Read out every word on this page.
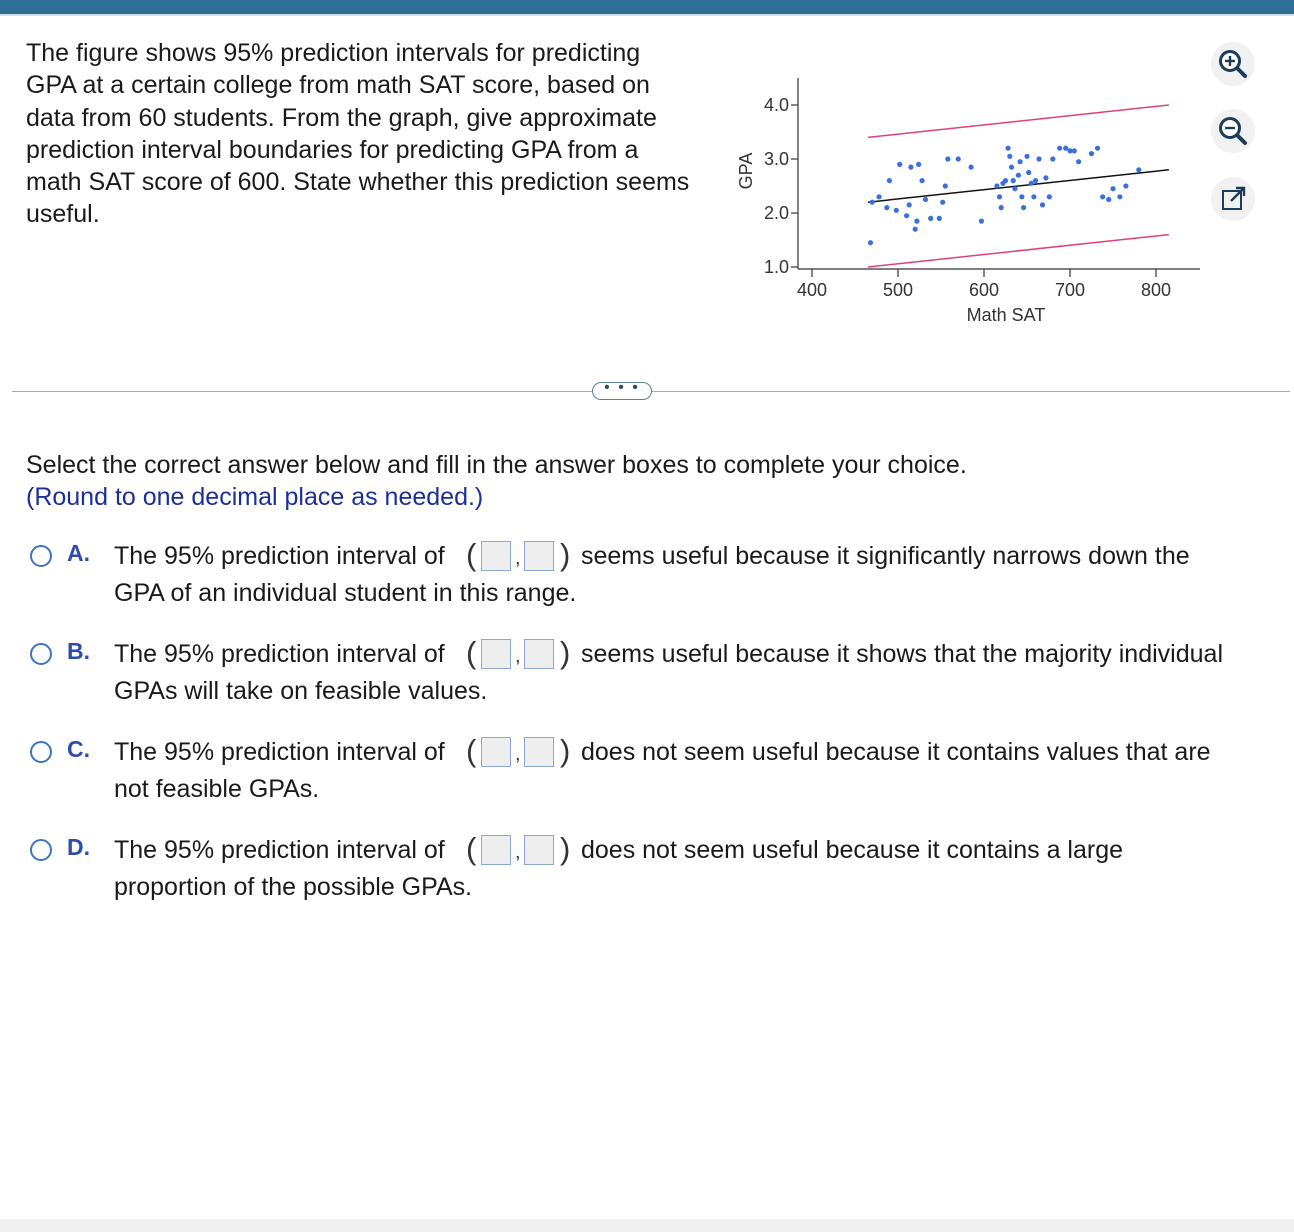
The figure shows 95% prediction intervals for predicting GPA at a certain college from math SAT score, based on data from 60 students. From the graph, give approximate prediction interval boundaries for predicting GPA from a math SAT score of 600. State whether this prediction seems useful.

GPA
Math SAT
400	500	600	700	800
1.0
2.0
3.0
4.0
• • •

Select the correct answer below and fill in the answer boxes to complete your choice.

(Round to one decimal place as needed.)

A. The 95% prediction interval of ( , ) seems useful because it significantly narrows down the
GPA of an individual student in this range.
B. The 95% prediction interval of ( , ) seems useful because it shows that the majority individual
GPAs will take on feasible values.
C. The 95% prediction interval of ( , ) does not seem useful because it contains values that are
not feasible GPAs.
D. The 95% prediction interval of ( , ) does not seem useful because it contains a large
proportion of the possible GPAs.
